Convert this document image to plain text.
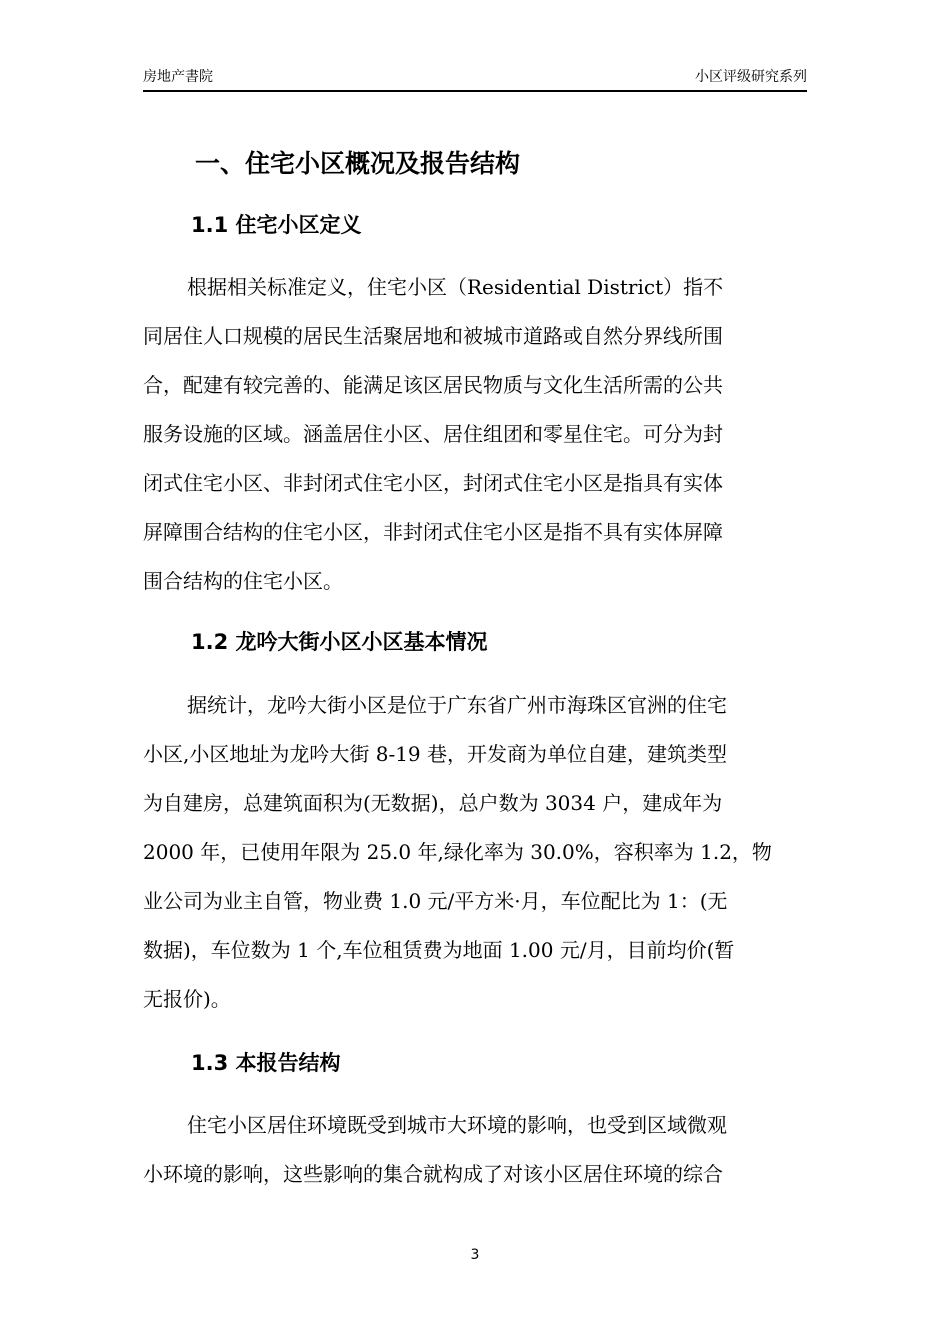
房地产書院	小区评级研究系列
一、住宅小区概况及报告结构
1.1 住宅小区定义
根据相关标准定义，住宅小区（Residential District）指不
同居住人口规模的居民生活聚居地和被城市道路或自然分界线所围
合，配建有较完善的、能满足该区居民物质与文化生活所需的公共
服务设施的区域。涵盖居住小区、居住组团和零星住宅。可分为封
闭式住宅小区、非封闭式住宅小区，封闭式住宅小区是指具有实体
屏障围合结构的住宅小区，非封闭式住宅小区是指不具有实体屏障
围合结构的住宅小区。
1.2 龙吟大街小区小区基本情况
据统计，龙吟大街小区是位于广东省广州市海珠区官洲的住宅
小区,小区地址为龙吟大街 8-19 巷，开发商为单位自建，建筑类型
为自建房，总建筑面积为(无数据)，总户数为 3034 户，建成年为
2000 年，已使用年限为 25.0 年,绿化率为 30.0%，容积率为 1.2，物
业公司为业主自管，物业费 1.0 元/平方米·月，车位配比为 1：(无
数据)，车位数为 1 个,车位租赁费为地面 1.00 元/月，目前均价(暂
无报价)。
1.3 本报告结构
住宅小区居住环境既受到城市大环境的影响，也受到区域微观
小环境的影响，这些影响的集合就构成了对该小区居住环境的综合
3
